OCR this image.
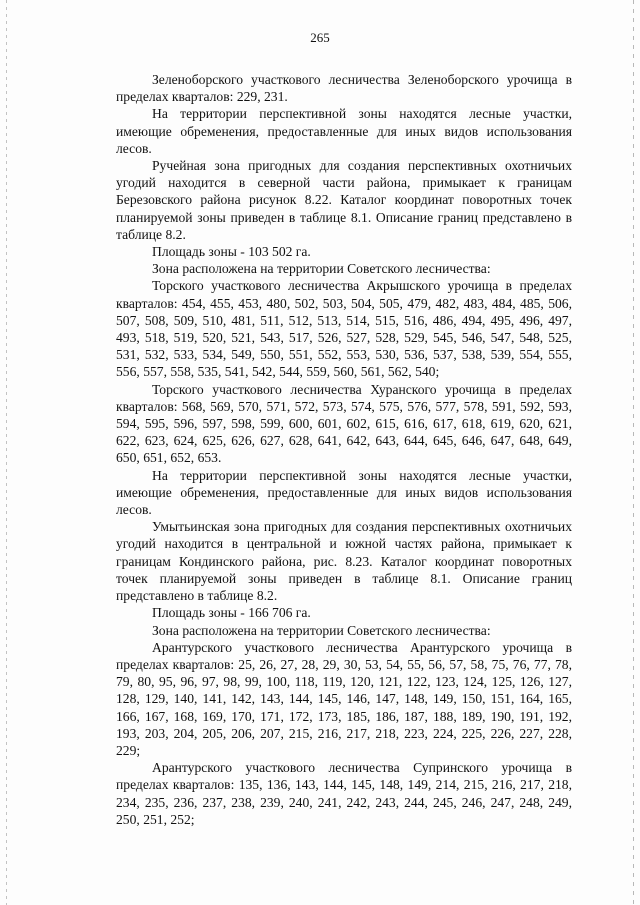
265

Зеленоборского участкового лесничества Зеленоборского урочища в пределах кварталов: 229, 231.

На территории перспективной зоны находятся лесные участки, имеющие обременения, предоставленные для иных видов использования лесов.

Ручейная зона пригодных для создания перспективных охотничьих угодий находится в северной части района, примыкает к границам Березовского района рисунок 8.22. Каталог координат поворотных точек планируемой зоны приведен в таблице 8.1. Описание границ представлено в таблице 8.2.

Площадь зоны - 103 502 га.

Зона расположена на территории Советского лесничества:

Торского участкового лесничества Акрышского урочища в пределах кварталов: 454, 455, 453, 480, 502, 503, 504, 505, 479, 482, 483, 484, 485, 506, 507, 508, 509, 510, 481, 511, 512, 513, 514, 515, 516, 486, 494, 495, 496, 497, 493, 518, 519, 520, 521, 543, 517, 526, 527, 528, 529, 545, 546, 547, 548, 525, 531, 532, 533, 534, 549, 550, 551, 552, 553, 530, 536, 537, 538, 539, 554, 555, 556, 557, 558, 535, 541, 542, 544, 559, 560, 561, 562, 540;

Торского участкового лесничества Хуранского урочища в пределах кварталов: 568, 569, 570, 571, 572, 573, 574, 575, 576, 577, 578, 591, 592, 593, 594, 595, 596, 597, 598, 599, 600, 601, 602, 615, 616, 617, 618, 619, 620, 621, 622, 623, 624, 625, 626, 627, 628, 641, 642, 643, 644, 645, 646, 647, 648, 649, 650, 651, 652, 653.

На территории перспективной зоны находятся лесные участки, имеющие обременения, предоставленные для иных видов использования лесов.

Умытьинская зона пригодных для создания перспективных охотничьих угодий находится в центральной и южной частях района, примыкает к границам Кондинского района, рис. 8.23. Каталог координат поворотных точек планируемой зоны приведен в таблице 8.1. Описание границ представлено в таблице 8.2.

Площадь зоны - 166 706 га.

Зона расположена на территории Советского лесничества:

Арантурского участкового лесничества Арантурского урочища в пределах кварталов: 25, 26, 27, 28, 29, 30, 53, 54, 55, 56, 57, 58, 75, 76, 77, 78, 79, 80, 95, 96, 97, 98, 99, 100, 118, 119, 120, 121, 122, 123, 124, 125, 126, 127, 128, 129, 140, 141, 142, 143, 144, 145, 146, 147, 148, 149, 150, 151, 164, 165, 166, 167, 168, 169, 170, 171, 172, 173, 185, 186, 187, 188, 189, 190, 191, 192, 193, 203, 204, 205, 206, 207, 215, 216, 217, 218, 223, 224, 225, 226, 227, 228, 229;

Арантурского участкового лесничества Супринского урочища в пределах кварталов: 135, 136, 143, 144, 145, 148, 149, 214, 215, 216, 217, 218, 234, 235, 236, 237, 238, 239, 240, 241, 242, 243, 244, 245, 246, 247, 248, 249, 250, 251, 252;
